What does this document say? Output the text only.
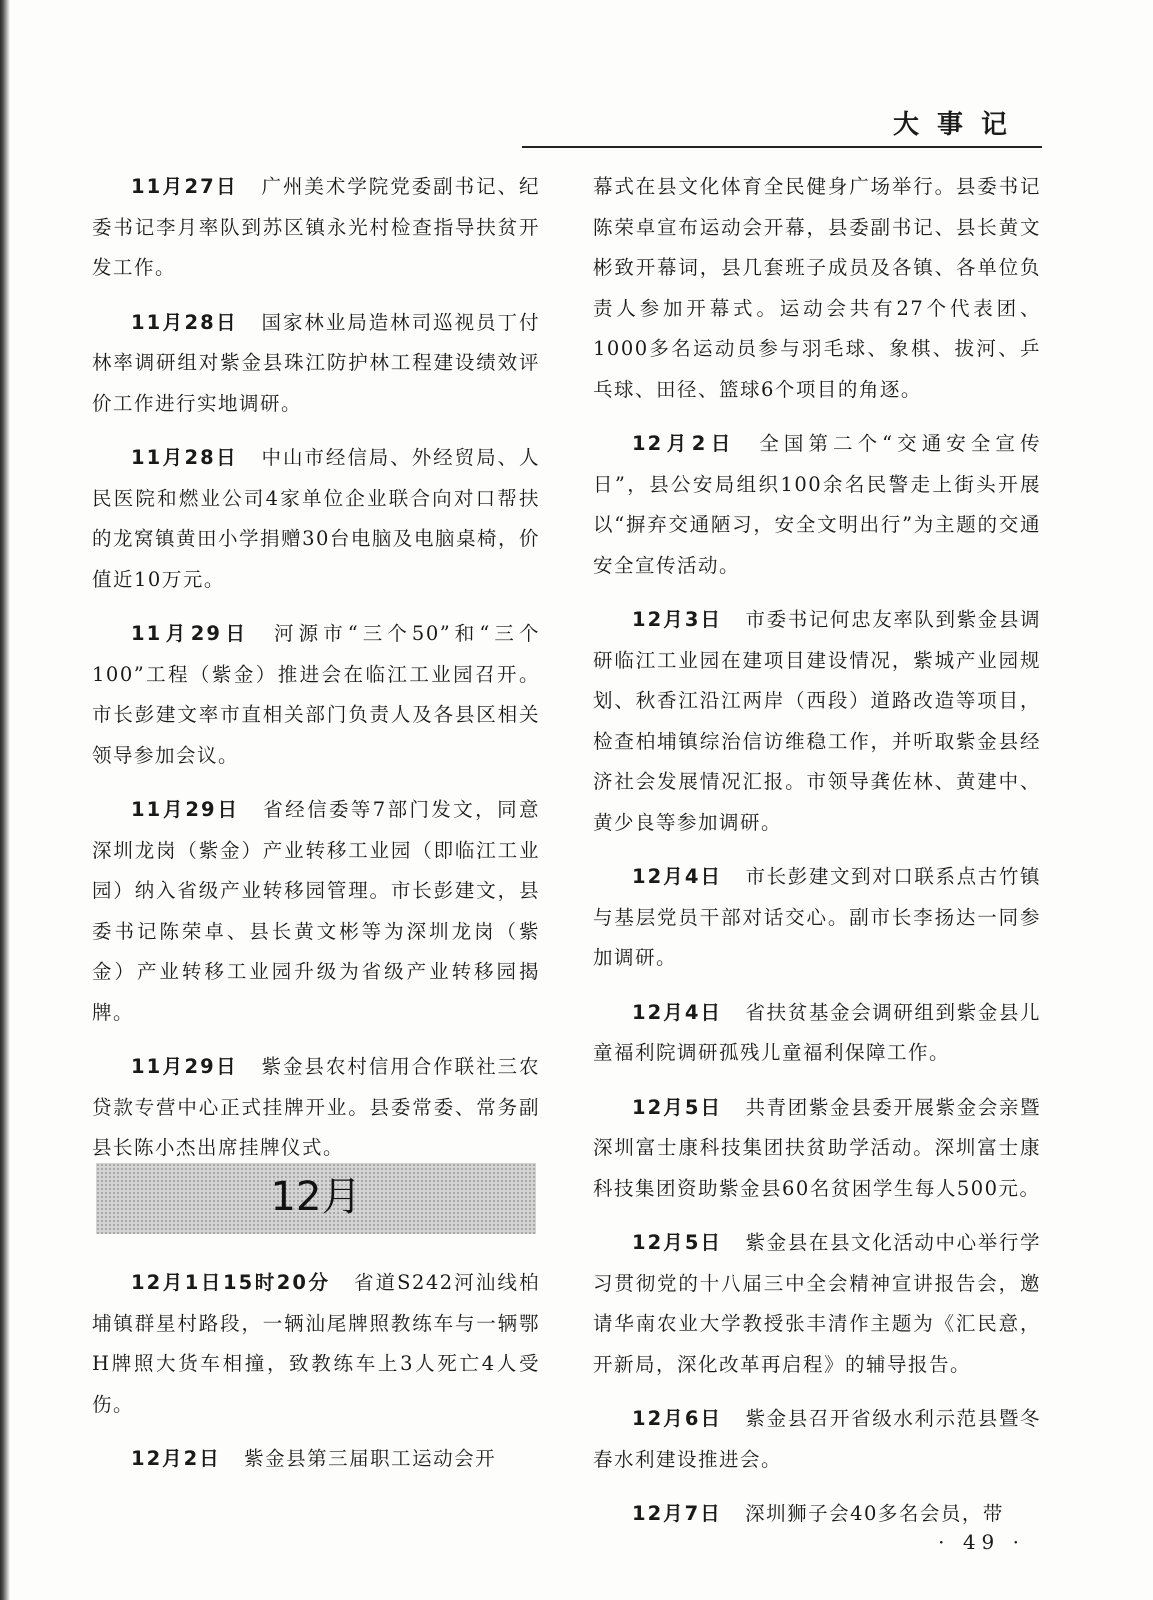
大事记

11月27日 广州美术学院党委副书记、纪委书记李月率队到苏区镇永光村检查指导扶贫开发工作。

11月28日 国家林业局造林司巡视员丁付林率调研组对紫金县珠江防护林工程建设绩效评价工作进行实地调研。

11月28日 中山市经信局、外经贸局、人民医院和燃业公司4家单位企业联合向对口帮扶的龙窝镇黄田小学捐赠30台电脑及电脑桌椅，价值近10万元。

11月29日 河源市“三个50”和“三个100”工程（紫金）推进会在临江工业园召开。市长彭建文率市直相关部门负责人及各县区相关领导参加会议。

11月29日 省经信委等7部门发文，同意深圳龙岗（紫金）产业转移工业园（即临江工业园）纳入省级产业转移园管理。市长彭建文，县委书记陈荣卓、县长黄文彬等为深圳龙岗（紫金）产业转移工业园升级为省级产业转移园揭牌。

11月29日 紫金县农村信用合作联社三农贷款专营中心正式挂牌开业。县委常委、常务副县长陈小杰出席挂牌仪式。

12月

12月1日15时20分 省道S242河汕线柏埔镇群星村路段，一辆汕尾牌照教练车与一辆鄂H牌照大货车相撞，致教练车上3人死亡4人受伤。

12月2日 紫金县第三届职工运动会开

幕式在县文化体育全民健身广场举行。县委书记陈荣卓宣布运动会开幕，县委副书记、县长黄文彬致开幕词，县几套班子成员及各镇、各单位负责人参加开幕式。运动会共有27个代表团、1000多名运动员参与羽毛球、象棋、拔河、乒乓球、田径、篮球6个项目的角逐。

12月2日 全国第二个“交通安全宣传日”，县公安局组织100余名民警走上街头开展以“摒弃交通陋习，安全文明出行”为主题的交通安全宣传活动。

12月3日 市委书记何忠友率队到紫金县调研临江工业园在建项目建设情况，紫城产业园规划、秋香江沿江两岸（西段）道路改造等项目，检查柏埔镇综治信访维稳工作，并听取紫金县经济社会发展情况汇报。市领导龚佐林、黄建中、黄少良等参加调研。

12月4日 市长彭建文到对口联系点古竹镇与基层党员干部对话交心。副市长李扬达一同参加调研。

12月4日 省扶贫基金会调研组到紫金县儿童福利院调研孤残儿童福利保障工作。

12月5日 共青团紫金县委开展紫金会亲暨深圳富士康科技集团扶贫助学活动。深圳富士康科技集团资助紫金县60名贫困学生每人500元。

12月5日 紫金县在县文化活动中心举行学习贯彻党的十八届三中全会精神宣讲报告会，邀请华南农业大学教授张丰清作主题为《汇民意，开新局，深化改革再启程》的辅导报告。

12月6日 紫金县召开省级水利示范县暨冬春水利建设推进会。

12月7日 深圳狮子会40多名会员，带

· 49 ·
